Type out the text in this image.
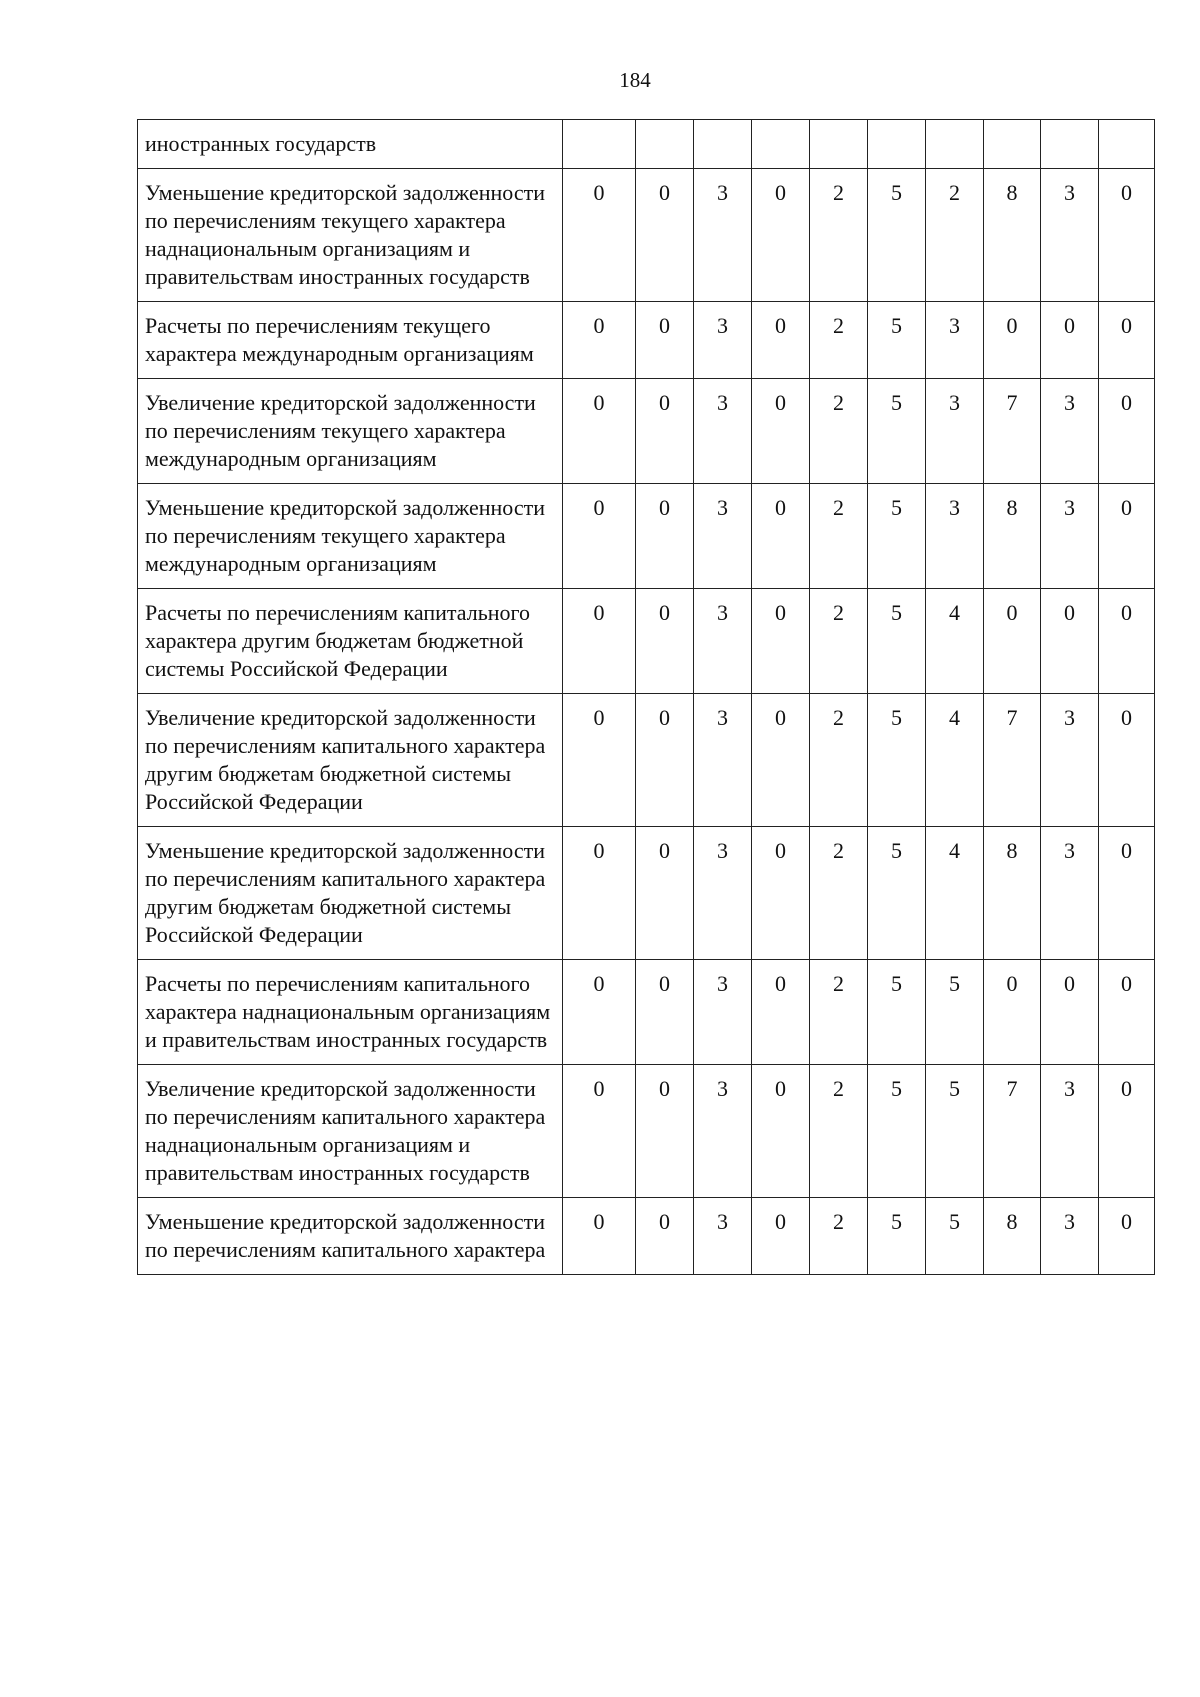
184
иностранных государств										
Уменьшение кредиторской задолженности по перечислениям текущего характера наднациональным организациям и правительствам иностранных государств	0	0	3	0	2	5	2	8	3	0
Расчеты по перечислениям текущего характера международным организациям	0	0	3	0	2	5	3	0	0	0
Увеличение кредиторской задолженности по перечислениям текущего характера международным организациям	0	0	3	0	2	5	3	7	3	0
Уменьшение кредиторской задолженности по перечислениям текущего характера международным организациям	0	0	3	0	2	5	3	8	3	0
Расчеты по перечислениям капитального характера другим бюджетам бюджетной системы Российской Федерации	0	0	3	0	2	5	4	0	0	0
Увеличение кредиторской задолженности по перечислениям капитального характера другим бюджетам бюджетной системы Российской Федерации	0	0	3	0	2	5	4	7	3	0
Уменьшение кредиторской задолженности по перечислениям капитального характера другим бюджетам бюджетной системы Российской Федерации	0	0	3	0	2	5	4	8	3	0
Расчеты по перечислениям капитального характера наднациональным организациям и правительствам иностранных государств	0	0	3	0	2	5	5	0	0	0
Увеличение кредиторской задолженности по перечислениям капитального характера наднациональным организациям и правительствам иностранных государств	0	0	3	0	2	5	5	7	3	0
Уменьшение кредиторской задолженности по перечислениям капитального характера	0	0	3	0	2	5	5	8	3	0
